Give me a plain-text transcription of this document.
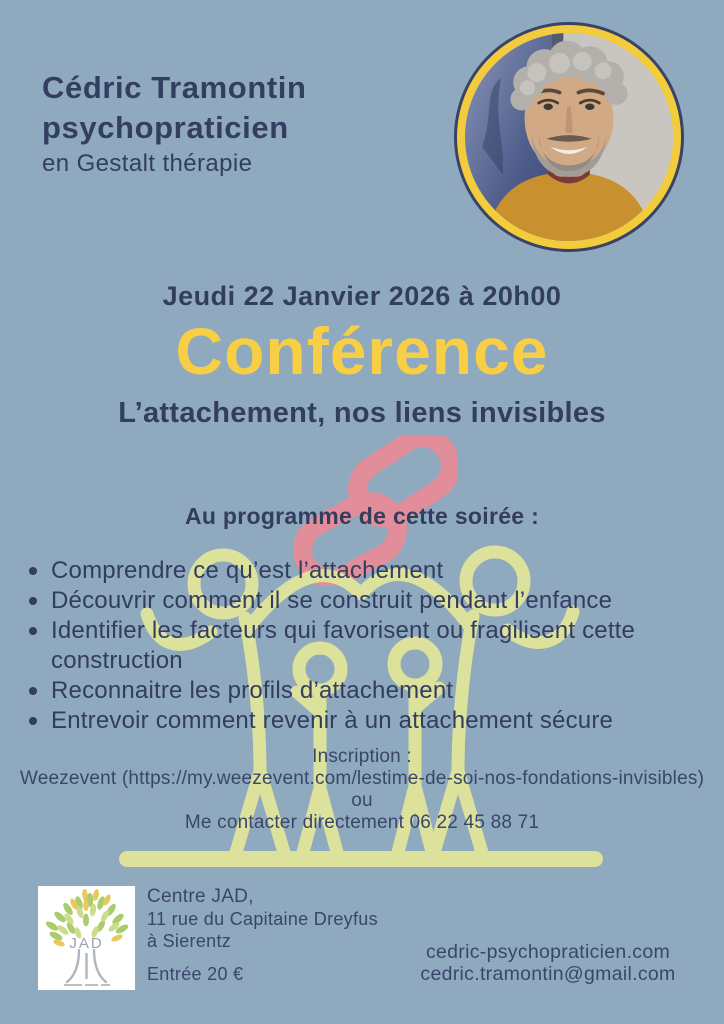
Cédric Tramontin
psychopraticien
en Gestalt thérapie
Jeudi 22 Janvier 2026 à 20h00
Conférence
L’attachement, nos liens invisibles
Au programme de cette soirée :
Comprendre ce qu’est l’attachement
Découvrir comment il se construit pendant l’enfance
Identifier les facteurs qui favorisent ou fragilisent cette construction
Reconnaitre les profils d’attachement
Entrevoir comment revenir à un attachement sécure
Inscription :
Weezevent (https://my.weezevent.com/lestime-de-soi-nos-fondations-invisibles)
ou
Me contacter directement 06 22 45 88 71
JAD
Centre JAD,
11 rue du Capitaine Dreyfus
à Sierentz
Entrée 20 €
cedric-psychopraticien.com
cedric.tramontin@gmail.com
